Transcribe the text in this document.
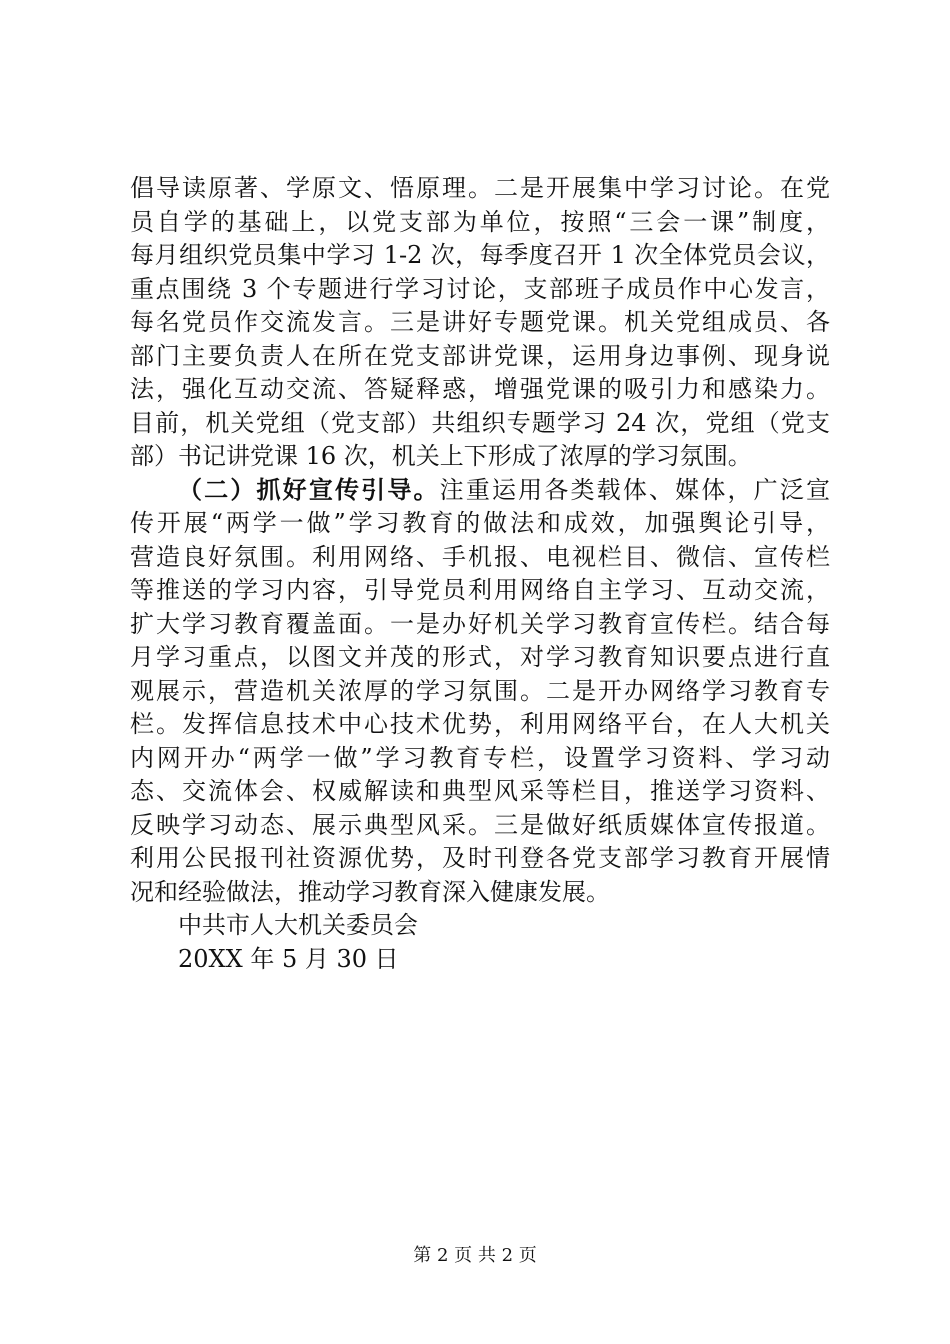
倡导读原著、学原文、悟原理。二是开展集中学习讨论。在党
员自学的基础上，以党支部为单位，按照“三会一课”制度，
每月组织党员集中学习 1-2 次，每季度召开 1 次全体党员会议，
重点围绕 3 个专题进行学习讨论，支部班子成员作中心发言，
每名党员作交流发言。三是讲好专题党课。机关党组成员、各
部门主要负责人在所在党支部讲党课，运用身边事例、现身说
法，强化互动交流、答疑释惑，增强党课的吸引力和感染力。
目前，机关党组（党支部）共组织专题学习 24 次，党组（党支
部）书记讲党课 16 次，机关上下形成了浓厚的学习氛围。
（二）抓好宣传引导。注重运用各类载体、媒体，广泛宣
传开展“两学一做”学习教育的做法和成效，加强舆论引导，
营造良好氛围。利用网络、手机报、电视栏目、微信、宣传栏
等推送的学习内容，引导党员利用网络自主学习、互动交流，
扩大学习教育覆盖面。一是办好机关学习教育宣传栏。结合每
月学习重点，以图文并茂的形式，对学习教育知识要点进行直
观展示，营造机关浓厚的学习氛围。二是开办网络学习教育专
栏。发挥信息技术中心技术优势，利用网络平台，在人大机关
内网开办“两学一做”学习教育专栏，设置学习资料、学习动
态、交流体会、权威解读和典型风采等栏目，推送学习资料、
反映学习动态、展示典型风采。三是做好纸质媒体宣传报道。
利用公民报刊社资源优势，及时刊登各党支部学习教育开展情
况和经验做法，推动学习教育深入健康发展。
中共市人大机关委员会
20XX 年 5 月 30 日
第 2 页 共 2 页
